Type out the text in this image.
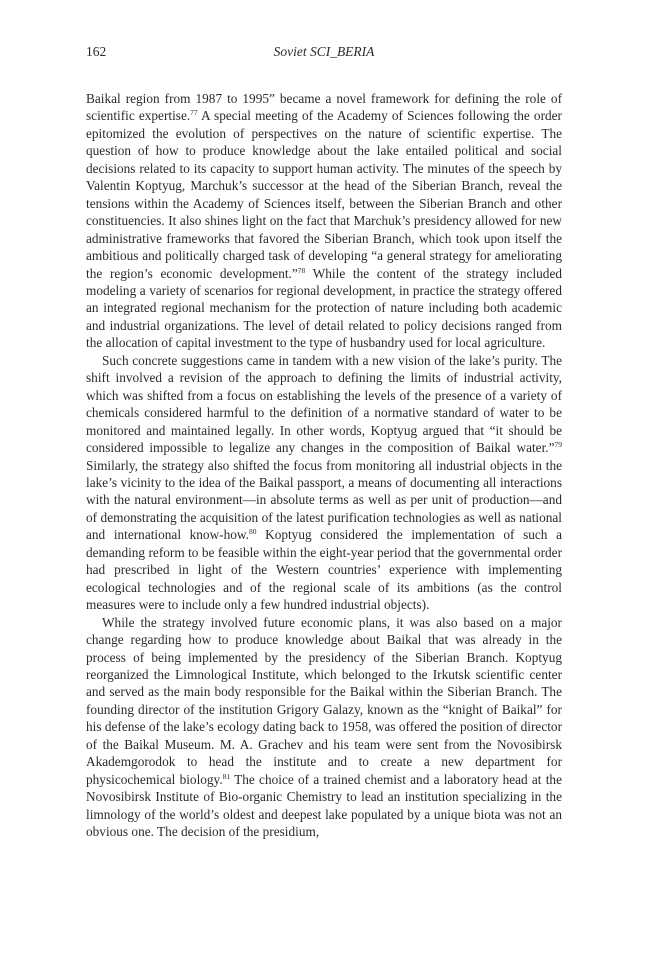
162	Soviet SCI_BERIA

Baikal region from 1987 to 1995” became a novel framework for defining the role of scientific expertise.$^{77}$ A special meeting of the Academy of Sciences following the order epitomized the evolution of perspectives on the nature of scientific expertise. The question of how to produce knowledge about the lake entailed political and social decisions related to its capacity to support human activity. The minutes of the speech by Valentin Koptyug, Marchuk’s successor at the head of the Siberian Branch, reveal the tensions within the Academy of Sciences itself, between the Siberian Branch and other constituencies. It also shines light on the fact that Marchuk’s presidency allowed for new administrative frameworks that favored the Siberian Branch, which took upon itself the ambitious and politically charged task of developing “a general strategy for ameliorating the region’s economic development.”$^{78}$ While the content of the strategy included modeling a variety of scenarios for regional development, in practice the strategy offered an integrated regional mechanism for the protection of nature including both academic and industrial organizations. The level of detail related to policy decisions ranged from the allocation of capital investment to the type of husbandry used for local agriculture.

Such concrete suggestions came in tandem with a new vision of the lake’s purity. The shift involved a revision of the approach to defining the limits of industrial activity, which was shifted from a focus on establishing the levels of the presence of a variety of chemicals considered harmful to the definition of a normative standard of water to be monitored and maintained legally. In other words, Koptyug argued that “it should be considered impossible to legalize any changes in the composition of Baikal water.”$^{79}$ Similarly, the strategy also shifted the focus from monitoring all industrial objects in the lake’s vicinity to the idea of the Baikal passport, a means of documenting all interactions with the natural environment—in absolute terms as well as per unit of production—and of demonstrating the acquisition of the latest purification technologies as well as national and international know-how.$^{80}$ Koptyug considered the implementation of such a demanding reform to be feasible within the eight-year period that the governmental order had prescribed in light of the Western countries’ experience with implementing ecological technologies and of the regional scale of its ambitions (as the control measures were to include only a few hundred industrial objects).

While the strategy involved future economic plans, it was also based on a major change regarding how to produce knowledge about Baikal that was already in the process of being implemented by the presidency of the Siberian Branch. Koptyug reorganized the Limnological Institute, which belonged to the Irkutsk scientific center and served as the main body responsible for the Baikal within the Siberian Branch. The founding director of the institution Grigory Galazy, known as the “knight of Baikal” for his defense of the lake’s ecology dating back to 1958, was offered the position of director of the Baikal Museum. M. A. Grachev and his team were sent from the Novosibirsk Akademgorodok to head the institute and to create a new department for physicochemical biology.$^{81}$ The choice of a trained chemist and a laboratory head at the Novosibirsk Institute of Bio-organic Chemistry to lead an institution specializing in the limnology of the world’s oldest and deepest lake populated by a unique biota was not an obvious one. The decision of the presidium,
